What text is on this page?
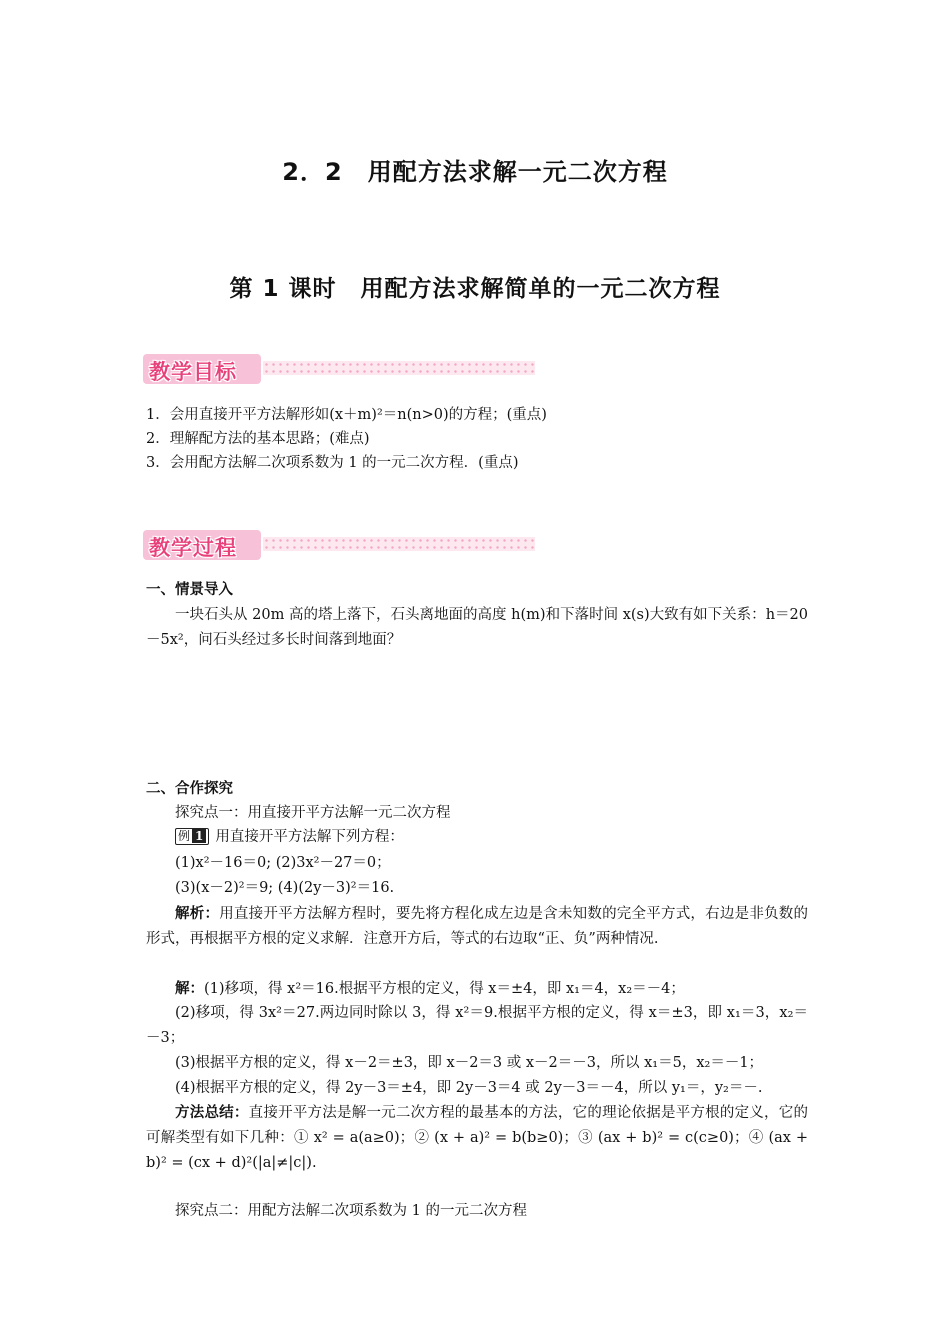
2．2　用配方法求解一元二次方程
第 1 课时　用配方法求解简单的一元二次方程
教学目标
1．会用直接开平方法解形如(x＋m)²＝n(n>0)的方程；(重点)
2．理解配方法的基本思路；(难点)
3．会用配方法解二次项系数为 1 的一元二次方程．(重点)
教学过程
一、情景导入
一块石头从 20m 高的塔上落下，石头离地面的高度 h(m)和下落时间 x(s)大致有如下关系：h＝20－5x²，问石头经过多长时间落到地面？
二、合作探究
探究点一：用直接开平方法解一元二次方程
例 1 用直接开平方法解下列方程：
(1)x²－16＝0; (2)3x²－27＝0；
(3)(x－2)²＝9; (4)(2y－3)²＝16.
解析：用直接开平方法解方程时，要先将方程化成左边是含未知数的完全平方式，右边是非负数的形式，再根据平方根的定义求解．注意开方后，等式的右边取“正、负”两种情况.
解：(1)移项，得 x²＝16.根据平方根的定义，得 x＝±4，即 x₁＝4，x₂＝－4；
(2)移项，得 3x²＝27.两边同时除以 3，得 x²＝9.根据平方根的定义，得 x＝±3，即 x₁＝3，x₂＝－3；
(3)根据平方根的定义，得 x－2＝±3，即 x－2＝3 或 x－2＝－3，所以 x₁＝5，x₂＝－1；
(4)根据平方根的定义，得 2y－3＝±4，即 2y－3＝4 或 2y－3＝－4，所以 y₁＝，y₂＝－.
方法总结：直接开平方法是解一元二次方程的最基本的方法，它的理论依据是平方根的定义，它的可解类型有如下几种：① x² = a(a≥0)；② (x + a)² = b(b≥0)；③ (ax + b)² = c(c≥0)；④ (ax + b)² = (cx + d)²(|a|≠|c|).
探究点二：用配方法解二次项系数为 1 的一元二次方程
